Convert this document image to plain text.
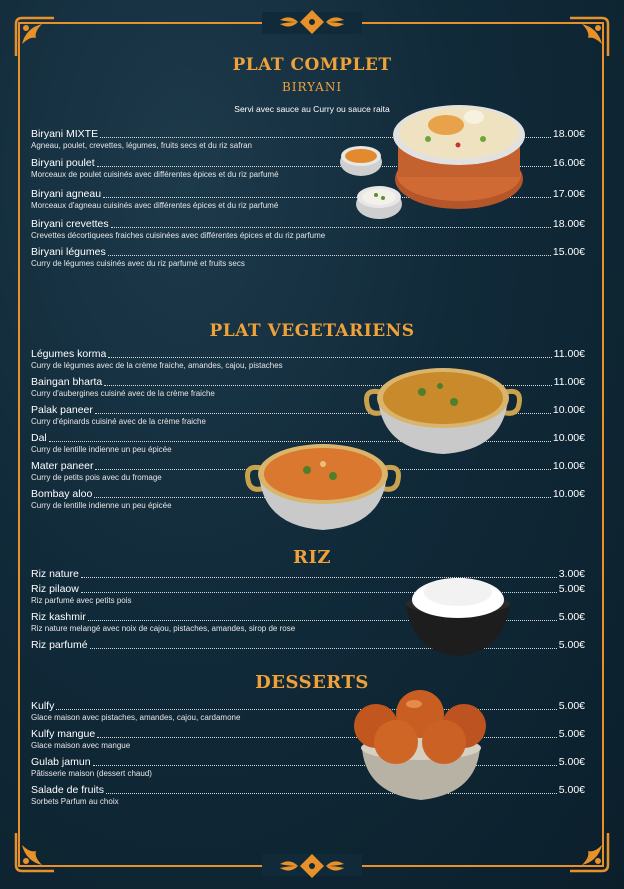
PLAT COMPLET
BIRYANI
Servi avec sauce au Curry ou sauce raita
Biryani MIXTE	18.00€
Agneau, poulet, crevettes, légumes, fruits secs et du riz safran
Biryani poulet	16.00€
Morceaux de poulet cuisinés avec différentes épices et du riz parfumé
Biryani agneau	17.00€
Morceaux d'agneau cuisinés avec différentes épices et du riz parfumé
Biryani crevettes	18.00€
Crevettes décortiquees fraiches cuisinées avec différentes épices et du riz parfume
Biryani légumes	15.00€
Curry de légumes cuisinés avec du riz parfumé et fruits secs
PLAT VEGETARIENS
Légumes korma	11.00€
Curry de légumes avec de la crème fraiche, amandes, cajou, pistaches
Baingan bharta	11.00€
Curry d'aubergines cuisiné avec de la crème fraiche
Palak paneer	10.00€
Curry d'épinards cuisiné avec de la crème fraiche
Dal	10.00€
Curry de lentille indienne un peu épicée
Mater paneer	10.00€
Curry de petits pois avec du fromage
Bombay aloo	10.00€
Curry de lentille indienne un peu épicée
RIZ
Riz nature	3.00€
Riz pilaow	5.00€
Riz parfumé avec petits pois
Riz kashmir	5.00€
Riz nature melangé avec noix de cajou, pistaches, amandes, sirop de rose
Riz parfumé	5.00€
DESSERTS
Kulfy	5.00€
Glace maison avec pistaches, amandes, cajou, cardamone
Kulfy mangue	5.00€
Glace maison avec mangue
Gulab jamun	5.00€
Pâtisserie maison (dessert chaud)
Salade de fruits	5.00€
Sorbets Parfum au choix
